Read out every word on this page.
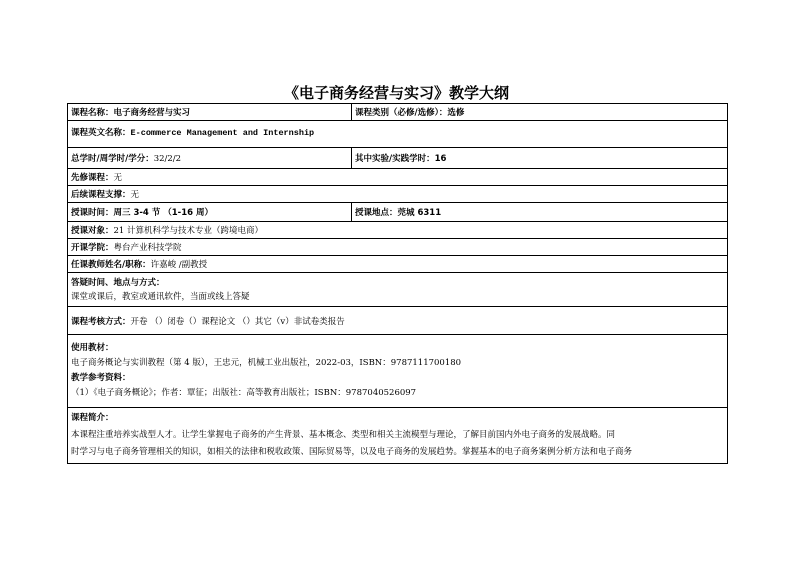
《电子商务经营与实习》教学大纲
课程名称：电子商务经营与实习	课程类别（必修/选修）：选修
课程英文名称：E-commerce Management and Internship	
总学时/周学时/学分：32/2/2	其中实验/实践学时：16
先修课程：无	
后续课程支撑：无	
授课时间：周三 3-4 节 （1-16 周）	授课地点：莞城 6311
授课对象：21 计算机科学与技术专业（跨境电商）	
开课学院：粤台产业科技学院	
任课教师姓名/职称：许嘉峻 /副教授	

答疑时间、地点与方式：
课堂或课后，教室或通讯软件，当面或线上答疑	

课程考核方式：开卷 （）闭卷（）课程论文 （）其它（v）非试卷类报告	

使用教材：
电子商务概论与实训教程（第 4 版），王忠元，机械工业出版社，2022-03，ISBN：9787111700180
教学参考资料：
（1）《电子商务概论》；作者：覃征；出版社：高等教育出版社；ISBN：9787040526097	

课程简介：
本课程注重培养实战型人才。让学生掌握电子商务的产生背景、基本概念、类型和相关主流模型与理论，了解目前国内外电子商务的发展战略。同
时学习与电子商务管理相关的知识，如相关的法律和税收政策、国际贸易等，以及电子商务的发展趋势。掌握基本的电子商务案例分析方法和电子商务	
